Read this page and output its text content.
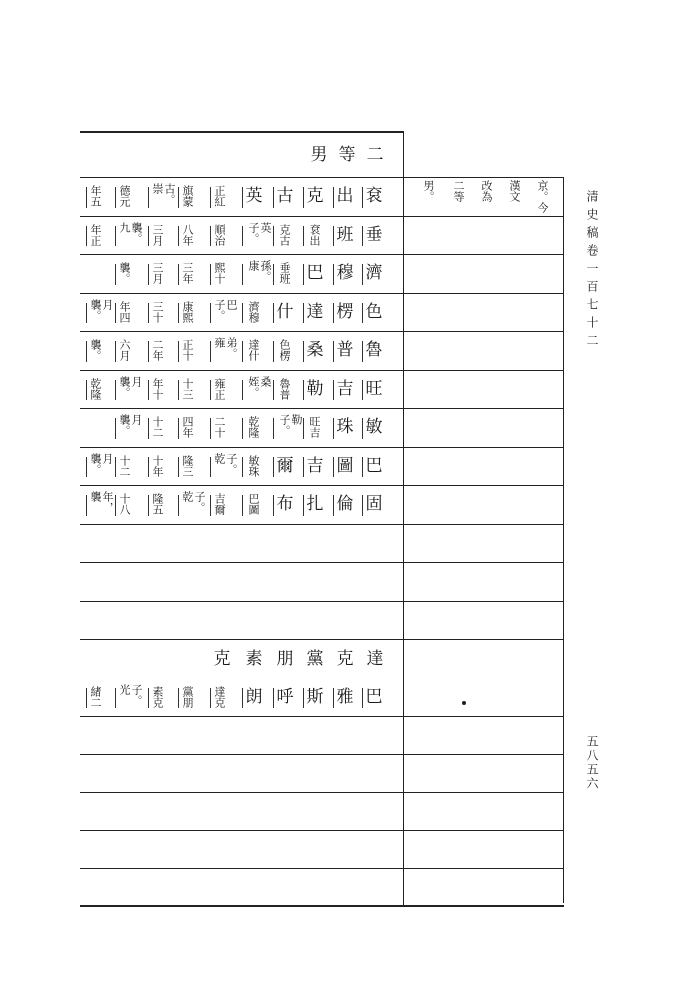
京。今
漢文
改為
二等
男。	清史稿卷一百七十二
五八五六
二
等
男
袞
出
克
古
英
正紅
旗蒙
古。崇
德元
年五
垂
班
袞出
克古
英子。
順治
八年
三月
襲。九
年正
濟
穆
巴
垂班
孫。康
熙十
三年
三月
襲。
色
楞
達
什
濟穆
巴子。
康熙
三十
年四
月襲。
魯
普
桑
色楞
達什
弟。雍
正十
二年
六月
襲。
旺
吉
勒
魯普
桑姪。
雍正
十三
年十
月襲。
乾隆
敏
珠
旺吉
勒子。
乾隆
二十
四年
十二
月襲。
巴
圖
吉
爾
敏珠
子。乾
隆三
十年
十二
月襲。
固
倫
扎
布
巴圖
吉爾
子。乾
隆五
十八
年，襲
達
克
黨
朋
素
克
巴
雅
斯
呼
朗
達克
黨朋
素克
子。光
緒二
